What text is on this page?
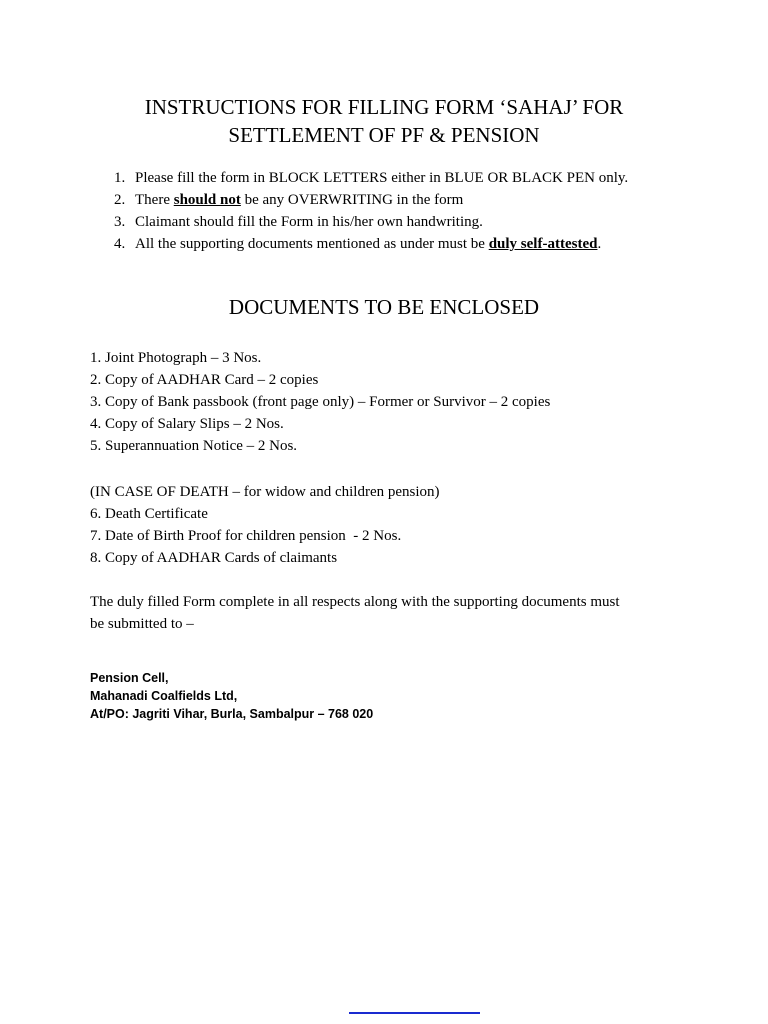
INSTRUCTIONS FOR FILLING FORM ‘SAHAJ’ FOR
SETTLEMENT OF PF & PENSION
1. Please fill the form in BLOCK LETTERS either in BLUE OR BLACK PEN only.
2. There should not be any OVERWRITING in the form
3. Claimant should fill the Form in his/her own handwriting.
4. All the supporting documents mentioned as under must be duly self-attested.
DOCUMENTS TO BE ENCLOSED
1. Joint Photograph – 3 Nos.
2. Copy of AADHAR Card – 2 copies
3. Copy of Bank passbook (front page only) – Former or Survivor – 2 copies
4. Copy of Salary Slips – 2 Nos.
5. Superannuation Notice – 2 Nos.
(IN CASE OF DEATH – for widow and children pension)
6. Death Certificate
7. Date of Birth Proof for children pension  - 2 Nos.
8. Copy of AADHAR Cards of claimants

The duly filled Form complete in all respects along with the supporting documents must
be submitted to –

Pension Cell,
Mahanadi Coalfields Ltd,
At/PO: Jagriti Vihar, Burla, Sambalpur – 768 020
